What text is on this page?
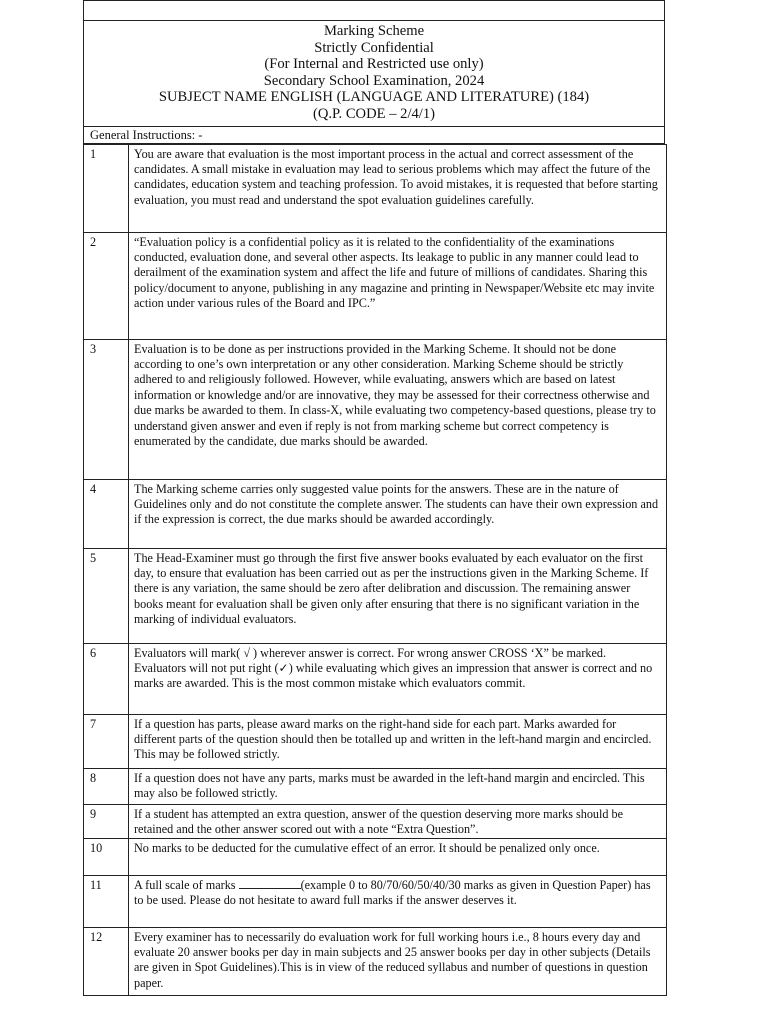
Marking Scheme
Strictly Confidential
(For Internal and Restricted use only)
Secondary School Examination, 2024
SUBJECT NAME ENGLISH (LANGUAGE AND LITERATURE) (184)
(Q.P. CODE – 2/4/1)
General Instructions: -
1	You are aware that evaluation is the most important process in the actual and correct assessment of the candidates. A small mistake in evaluation may lead to serious problems which may affect the future of the candidates, education system and teaching profession. To avoid mistakes, it is requested that before starting evaluation, you must read and understand the spot evaluation guidelines carefully.
2	“Evaluation policy is a confidential policy as it is related to the confidentiality of the examinations conducted, evaluation done, and several other aspects. Its leakage to public in any manner could lead to derailment of the examination system and affect the life and future of millions of candidates. Sharing this policy/document to anyone, publishing in any magazine and printing in Newspaper/Website etc may invite action under various rules of the Board and IPC.”
3	Evaluation is to be done as per instructions provided in the Marking Scheme. It should not be done according to one’s own interpretation or any other consideration. Marking Scheme should be strictly adhered to and religiously followed. However, while evaluating, answers which are based on latest information or knowledge and/or are innovative, they may be assessed for their correctness otherwise and due marks be awarded to them. In class-X, while evaluating two competency-based questions, please try to understand given answer and even if reply is not from marking scheme but correct competency is enumerated by the candidate, due marks should be awarded.
4	The Marking scheme carries only suggested value points for the answers. These are in the nature of Guidelines only and do not constitute the complete answer. The students can have their own expression and if the expression is correct, the due marks should be awarded accordingly.
5	The Head-Examiner must go through the first five answer books evaluated by each evaluator on the first day, to ensure that evaluation has been carried out as per the instructions given in the Marking Scheme. If there is any variation, the same should be zero after delibration and discussion. The remaining answer books meant for evaluation shall be given only after ensuring that there is no significant variation in the marking of individual evaluators.
6	Evaluators will mark( √ ) wherever answer is correct. For wrong answer CROSS ‘X” be marked. Evaluators will not put right (✓) while evaluating which gives an impression that answer is correct and no marks are awarded. This is the most common mistake which evaluators commit.
7	If a question has parts, please award marks on the right-hand side for each part. Marks awarded for different parts of the question should then be totalled up and written in the left-hand margin and encircled. This may be followed strictly.
8	If a question does not have any parts, marks must be awarded in the left-hand margin and encircled. This may also be followed strictly.
9	If a student has attempted an extra question, answer of the question deserving more marks should be retained and the other answer scored out with a note “Extra Question”.
10	No marks to be deducted for the cumulative effect of an error. It should be penalized only once.
11	A full scale of marks (example 0 to 80/70/60/50/40/30 marks as given in Question Paper) has to be used. Please do not hesitate to award full marks if the answer deserves it.
12	Every examiner has to necessarily do evaluation work for full working hours i.e., 8 hours every day and evaluate 20 answer books per day in main subjects and 25 answer books per day in other subjects (Details are given in Spot Guidelines).This is in view of the reduced syllabus and number of questions in question paper.
